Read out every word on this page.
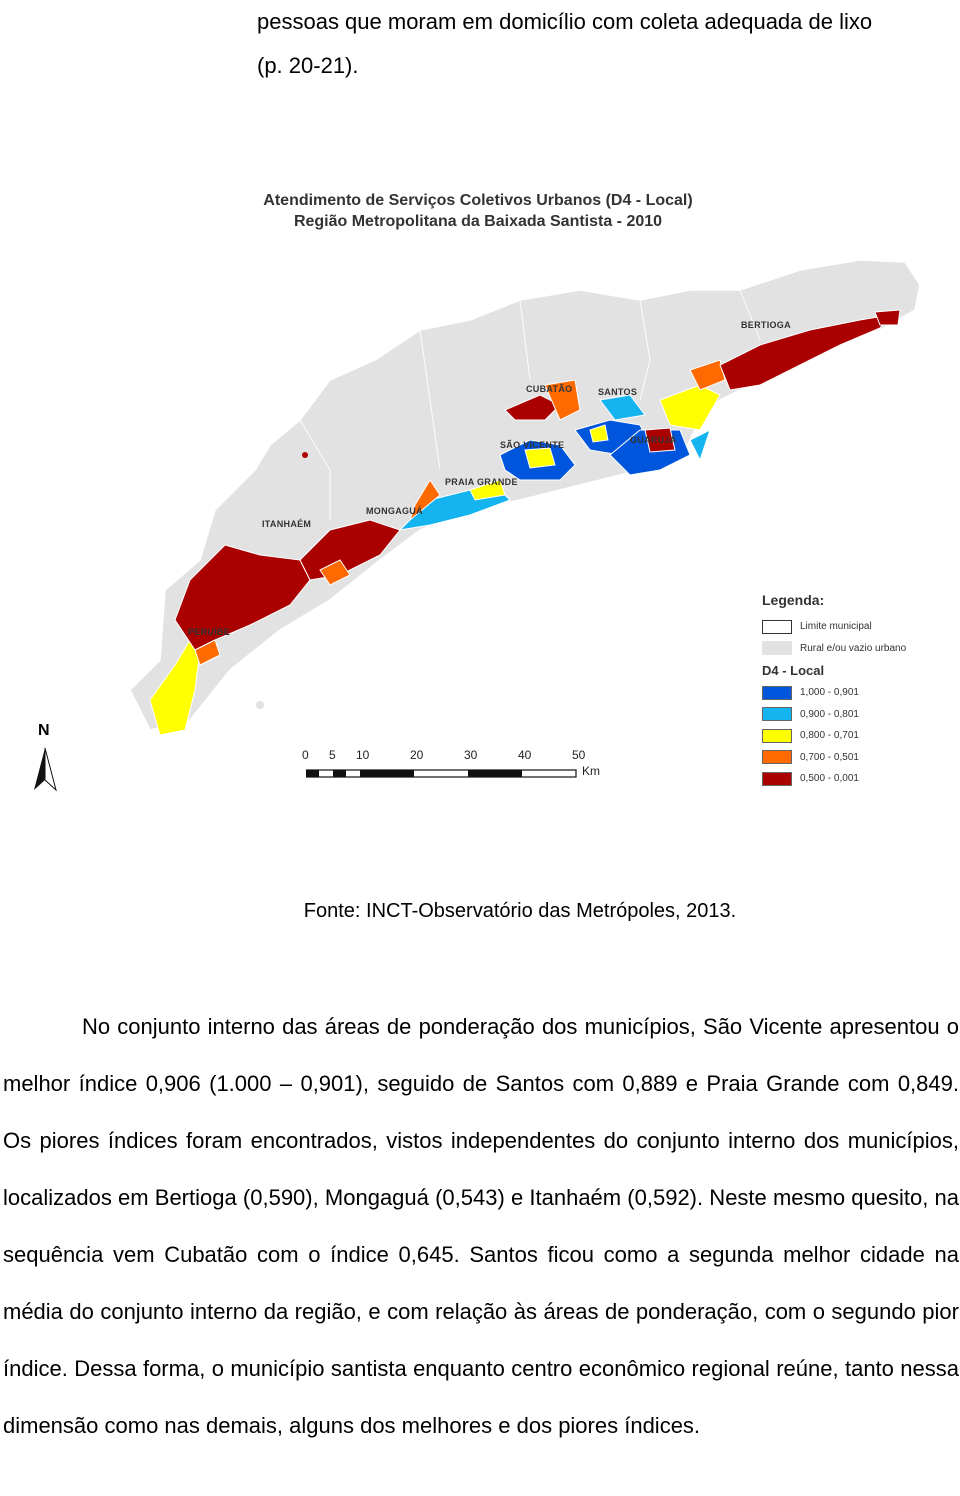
pessoas que moram em domicílio com coleta adequada de lixo

(p. 20-21).

Atendimento de Serviços Coletivos Urbanos (D4 - Local)
Região Metropolitana da Baixada Santista - 2010
BERTIOGA
CUBATÃO	SANTOS
GUARUJÁ
SÃO VICENTE
PRAIA GRANDE
MONGAGUÁ
ITANHAÉM
PERUÍBE
Legenda:
Limite municipal
Rural e/ou vazio urbano
D4 - Local
1,000 - 0,901
0,900 - 0,801
0,800 - 0,701
0,700 - 0,501
0,500 - 0,001
N
0 5 10	20	30	40	50
Km
Fonte: INCT-Observatório das Metrópoles, 2013.

No conjunto interno das áreas de ponderação dos municípios, São Vicente apresentou o melhor índice 0,906 (1.000 – 0,901), seguido de Santos com 0,889 e Praia Grande com 0,849. Os piores índices foram encontrados, vistos independentes do conjunto interno dos municípios, localizados em Bertioga (0,590), Mongaguá (0,543) e Itanhaém (0,592). Neste mesmo quesito, na sequência vem Cubatão com o índice 0,645. Santos ficou como a segunda melhor cidade na média do conjunto interno da região, e com relação às áreas de ponderação, com o segundo pior índice. Dessa forma, o município santista enquanto centro econômico regional reúne, tanto nessa dimensão como nas demais, alguns dos melhores e dos piores índices.
